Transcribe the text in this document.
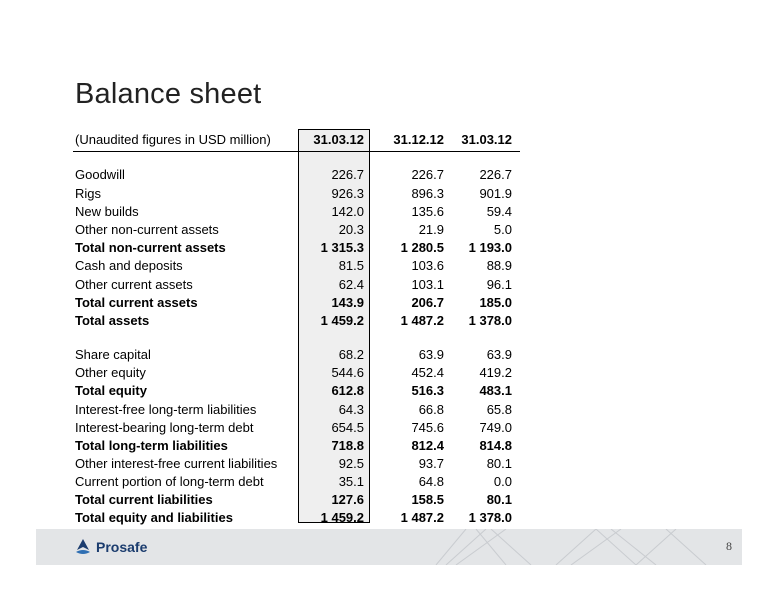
Balance sheet
(Unaudited figures in USD million)	31.03.12	31.12.12	31.03.12
Goodwill	226.7	226.7	226.7
Rigs	926.3	896.3	901.9
New builds	142.0	135.6	59.4
Other non-current assets	20.3	21.9	5.0
Total non-current assets	1 315.3	1 280.5	1 193.0
Cash and deposits	81.5	103.6	88.9
Other current assets	62.4	103.1	96.1
Total current assets	143.9	206.7	185.0
Total assets	1 459.2	1 487.2	1 378.0
Share capital	68.2	63.9	63.9
Other equity	544.6	452.4	419.2
Total equity	612.8	516.3	483.1
Interest-free long-term liabilities	64.3	66.8	65.8
Interest-bearing long-term debt	654.5	745.6	749.0
Total long-term liabilities	718.8	812.4	814.8
Other interest-free current liabilities	92.5	93.7	80.1
Current portion of long-term debt	35.1	64.8	0.0
Total current liabilities	127.6	158.5	80.1
Total equity and liabilities	1 459.2	1 487.2	1 378.0
Prosafe	8
